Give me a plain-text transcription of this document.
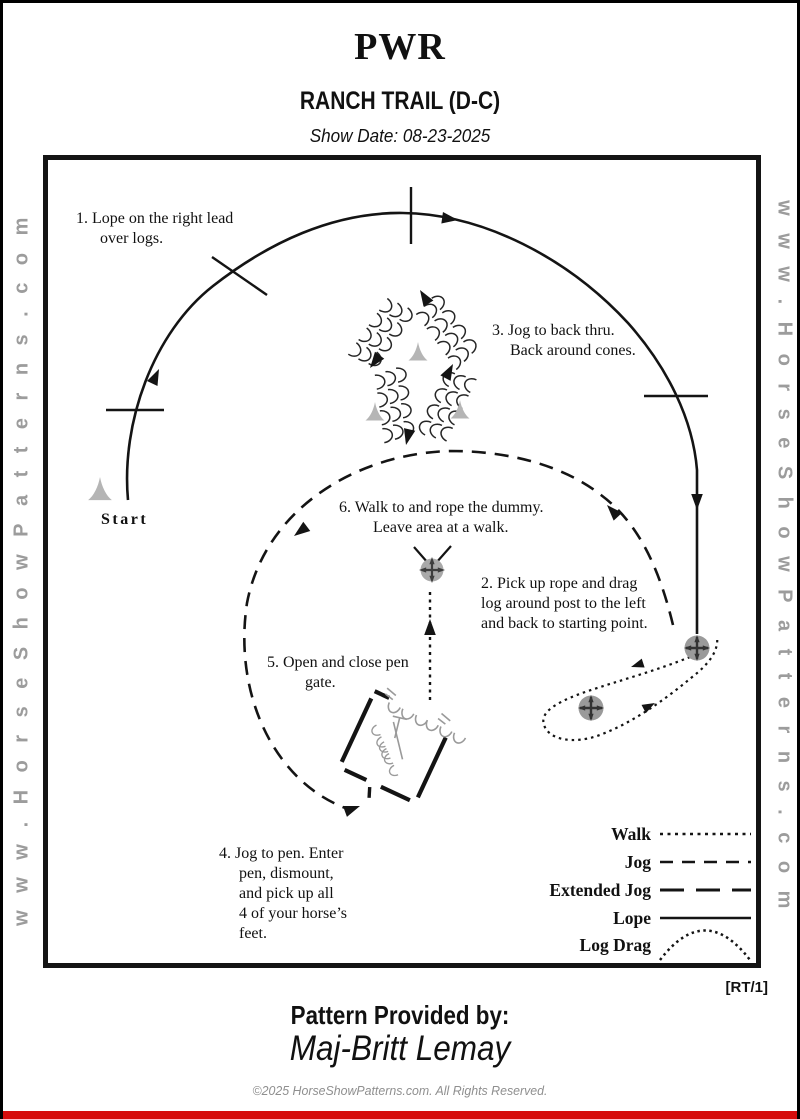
PWR
RANCH TRAIL (D-C)
Show Date: 08-23-2025
www.HorseShowPatterns.com	www.HorseShowPatterns.com
1. Lope on the right lead
over logs.
2. Pick up rope and drag
log around post to the left
and back to starting point.
3. Jog to back thru.
Back around cones.
4. Jog to pen. Enter
pen, dismount,
and pick up all
4 of your horse’s
feet.
5. Open and close pen
gate.
6. Walk to and rope the dummy.
Leave area at a walk.
Start
Walk
Jog
Extended Jog
Lope
Log Drag
[RT/1]
Pattern Provided by:
Maj-Britt Lemay
©2025 HorseShowPatterns.com. All Rights Reserved.
